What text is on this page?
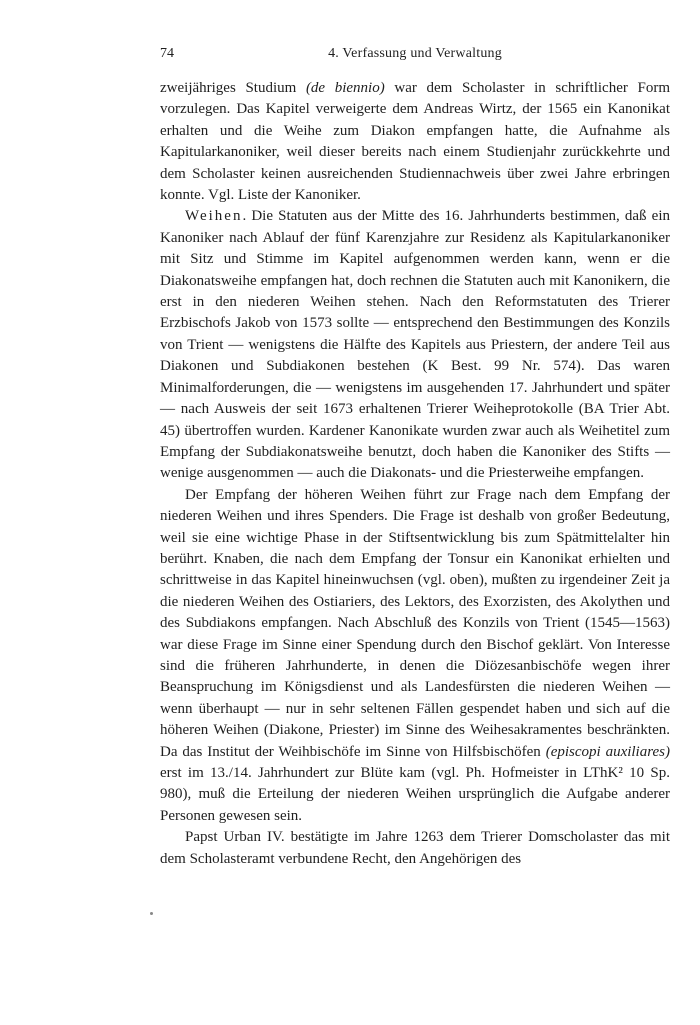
74	4. Verfassung und Verwaltung

zweijähriges Studium (de biennio) war dem Scholaster in schriftlicher Form vorzulegen. Das Kapitel verweigerte dem Andreas Wirtz, der 1565 ein Kanonikat erhalten und die Weihe zum Diakon empfangen hatte, die Aufnahme als Kapitularkanoniker, weil dieser bereits nach einem Studienjahr zurückkehrte und dem Scholaster keinen ausreichenden Studiennachweis über zwei Jahre erbringen konnte. Vgl. Liste der Kanoniker.

Weihen. Die Statuten aus der Mitte des 16. Jahrhunderts bestimmen, daß ein Kanoniker nach Ablauf der fünf Karenzjahre zur Residenz als Kapitularkanoniker mit Sitz und Stimme im Kapitel aufgenommen werden kann, wenn er die Diakonatsweihe empfangen hat, doch rechnen die Statuten auch mit Kanonikern, die erst in den niederen Weihen stehen. Nach den Reformstatuten des Trierer Erzbischofs Jakob von 1573 sollte — entsprechend den Bestimmungen des Konzils von Trient — wenigstens die Hälfte des Kapitels aus Priestern, der andere Teil aus Diakonen und Subdiakonen bestehen (K Best. 99 Nr. 574). Das waren Minimalforderungen, die — wenigstens im ausgehenden 17. Jahrhundert und später — nach Ausweis der seit 1673 erhaltenen Trierer Weiheprotokolle (BA Trier Abt. 45) übertroffen wurden. Kardener Kanonikate wurden zwar auch als Weihetitel zum Empfang der Subdiakonatsweihe benutzt, doch haben die Kanoniker des Stifts — wenige ausgenommen — auch die Diakonats- und die Priesterweihe empfangen.

Der Empfang der höheren Weihen führt zur Frage nach dem Empfang der niederen Weihen und ihres Spenders. Die Frage ist deshalb von großer Bedeutung, weil sie eine wichtige Phase in der Stiftsentwicklung bis zum Spätmittelalter hin berührt. Knaben, die nach dem Empfang der Tonsur ein Kanonikat erhielten und schrittweise in das Kapitel hineinwuchsen (vgl. oben), mußten zu irgendeiner Zeit ja die niederen Weihen des Ostiariers, des Lektors, des Exorzisten, des Akolythen und des Subdiakons empfangen. Nach Abschluß des Konzils von Trient (1545—1563) war diese Frage im Sinne einer Spendung durch den Bischof geklärt. Von Interesse sind die früheren Jahrhunderte, in denen die Diözesanbischöfe wegen ihrer Beanspruchung im Königsdienst und als Landesfürsten die niederen Weihen — wenn überhaupt — nur in sehr seltenen Fällen gespendet haben und sich auf die höheren Weihen (Diakone, Priester) im Sinne des Weihesakramentes beschränkten. Da das Institut der Weihbischöfe im Sinne von Hilfsbischöfen (episcopi auxiliares) erst im 13./14. Jahrhundert zur Blüte kam (vgl. Ph. Hofmeister in LThK² 10 Sp. 980), muß die Erteilung der niederen Weihen ursprünglich die Aufgabe anderer Personen gewesen sein.

Papst Urban IV. bestätigte im Jahre 1263 dem Trierer Domscholaster das mit dem Scholasteramt verbundene Recht, den Angehörigen des
